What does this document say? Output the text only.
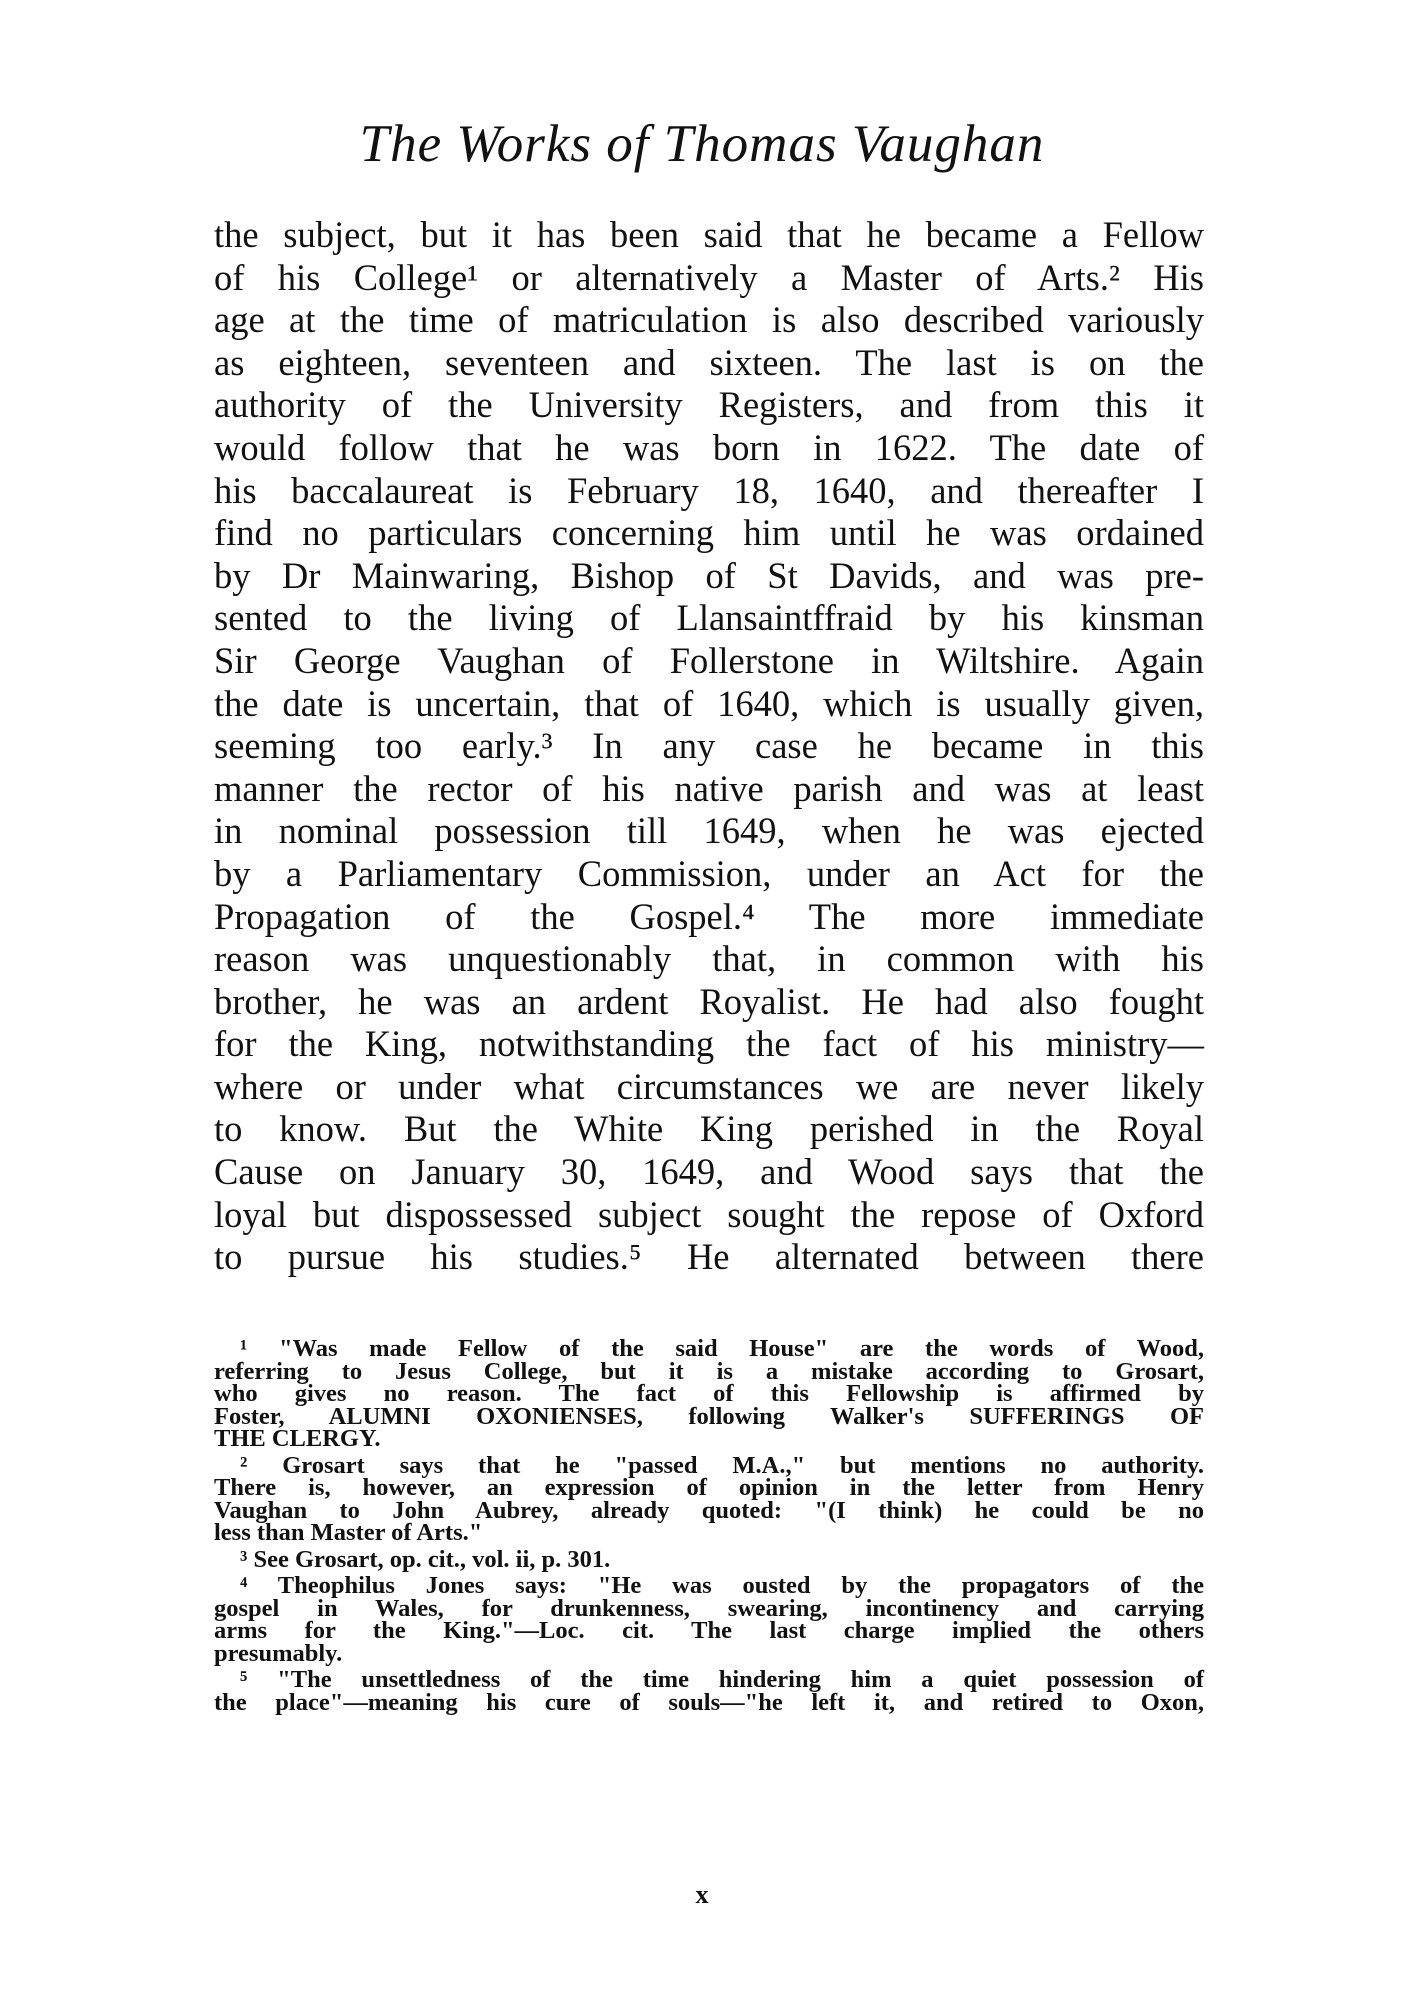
The Works of Thomas Vaughan
the subject, but it has been said that he became a Fellow
of his College¹ or alternatively a Master of Arts.² His
age at the time of matriculation is also described variously
as eighteen, seventeen and sixteen. The last is on the
authority of the University Registers, and from this it
would follow that he was born in 1622. The date of
his baccalaureat is February 18, 1640, and thereafter I
find no particulars concerning him until he was ordained
by Dr Mainwaring, Bishop of St Davids, and was pre-
sented to the living of Llansaintffraid by his kinsman
Sir George Vaughan of Follerstone in Wiltshire. Again
the date is uncertain, that of 1640, which is usually given,
seeming too early.³ In any case he became in this
manner the rector of his native parish and was at least
in nominal possession till 1649, when he was ejected
by a Parliamentary Commission, under an Act for the
Propagation of the Gospel.⁴ The more immediate
reason was unquestionably that, in common with his
brother, he was an ardent Royalist. He had also fought
for the King, notwithstanding the fact of his ministry—
where or under what circumstances we are never likely
to know. But the White King perished in the Royal
Cause on January 30, 1649, and Wood says that the
loyal but dispossessed subject sought the repose of Oxford
to pursue his studies.⁵ He alternated between there
¹ "Was made Fellow of the said House" are the words of Wood,
referring to Jesus College, but it is a mistake according to Grosart,
who gives no reason. The fact of this Fellowship is affirmed by
Foster, ALUMNI OXONIENSES, following Walker's SUFFERINGS OF
THE CLERGY.
² Grosart says that he "passed M.A.," but mentions no authority.
There is, however, an expression of opinion in the letter from Henry
Vaughan to John Aubrey, already quoted: "(I think) he could be no
less than Master of Arts."
³ See Grosart, op. cit., vol. ii, p. 301.
⁴ Theophilus Jones says: "He was ousted by the propagators of the
gospel in Wales, for drunkenness, swearing, incontinency and carrying
arms for the King."—Loc. cit. The last charge implied the others
presumably.
⁵ "The unsettledness of the time hindering him a quiet possession of
the place"—meaning his cure of souls—"he left it, and retired to Oxon,
x
